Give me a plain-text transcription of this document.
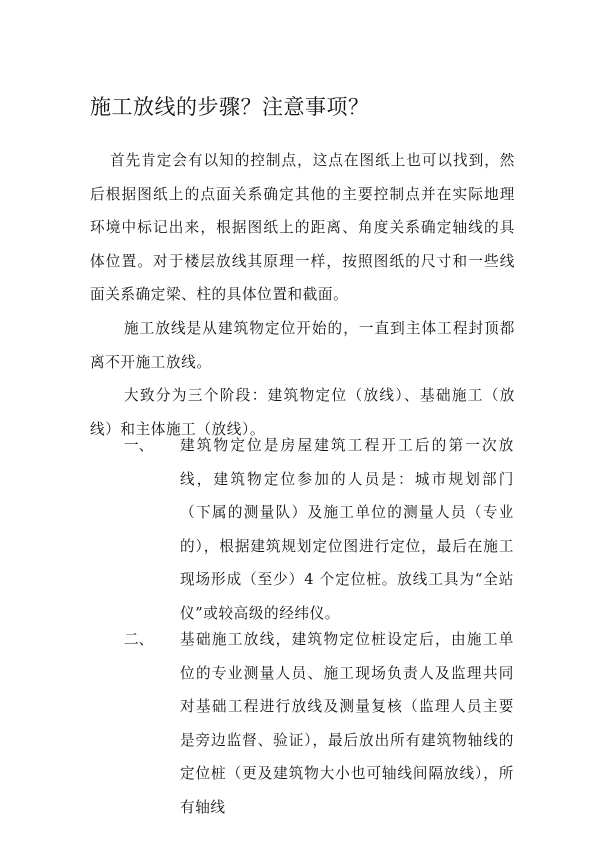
施工放线的步骤？注意事项？

首先肯定会有以知的控制点，这点在图纸上也可以找到，然后根据图纸上的点面关系确定其他的主要控制点并在实际地理环境中标记出来，根据图纸上的距离、角度关系确定轴线的具体位置。对于楼层放线其原理一样，按照图纸的尺寸和一些线面关系确定梁、柱的具体位置和截面。

施工放线是从建筑物定位开始的，一直到主体工程封顶都离不开施工放线。

大致分为三个阶段：建筑物定位（放线）、基础施工（放线）和主体施工（放线）。

一、	建筑物定位是房屋建筑工程开工后的第一次放线，建筑物定位参加的人员是：城市规划部门（下属的测量队）及施工单位的测量人员（专业的），根据建筑规划定位图进行定位，最后在施工现场形成（至少）4 个定位桩。放线工具为“全站仪”或较高级的经纬仪。

二、	基础施工放线，建筑物定位桩设定后，由施工单位的专业测量人员、施工现场负责人及监理共同对基础工程进行放线及测量复核（监理人员主要是旁边监督、验证），最后放出所有建筑物轴线的定位桩（更及建筑物大小也可轴线间隔放线），所有轴线
